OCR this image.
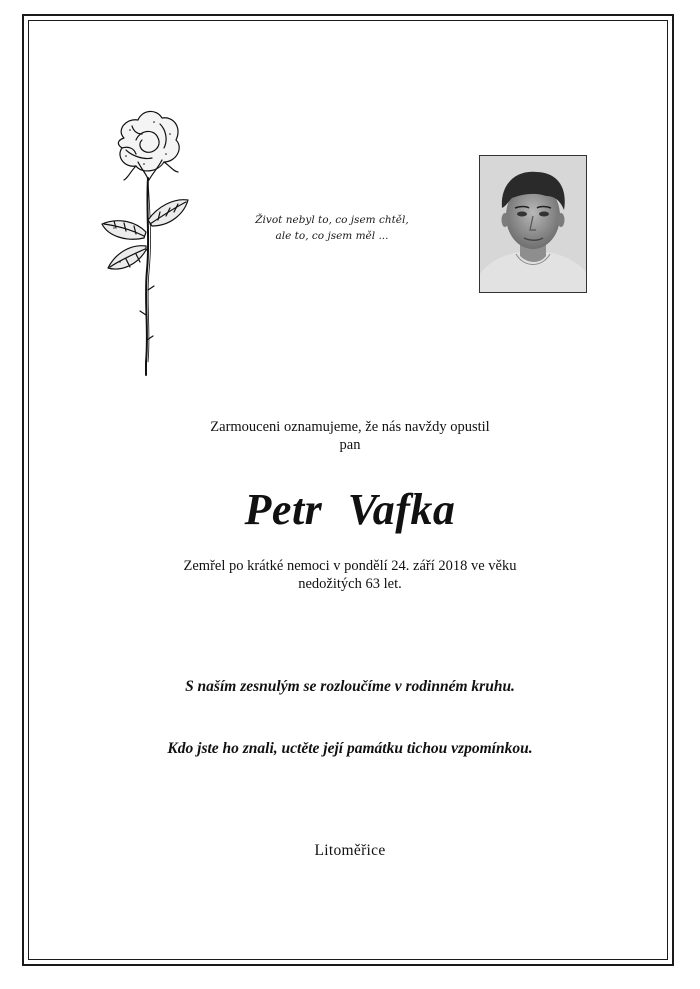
Život nebyl to, co jsem chtěl,
ale to, co jsem měl ...
Zarmouceni oznamujeme, že nás navždy opustil
pan
Petr Vafka
Zemřel po krátké nemoci v pondělí 24. září 2018 ve věku
nedožitých 63 let.
S naším zesnulým se rozloučíme v rodinném kruhu.
Kdo jste ho znali, uctěte její památku tichou vzpomínkou.
Litoměřice
